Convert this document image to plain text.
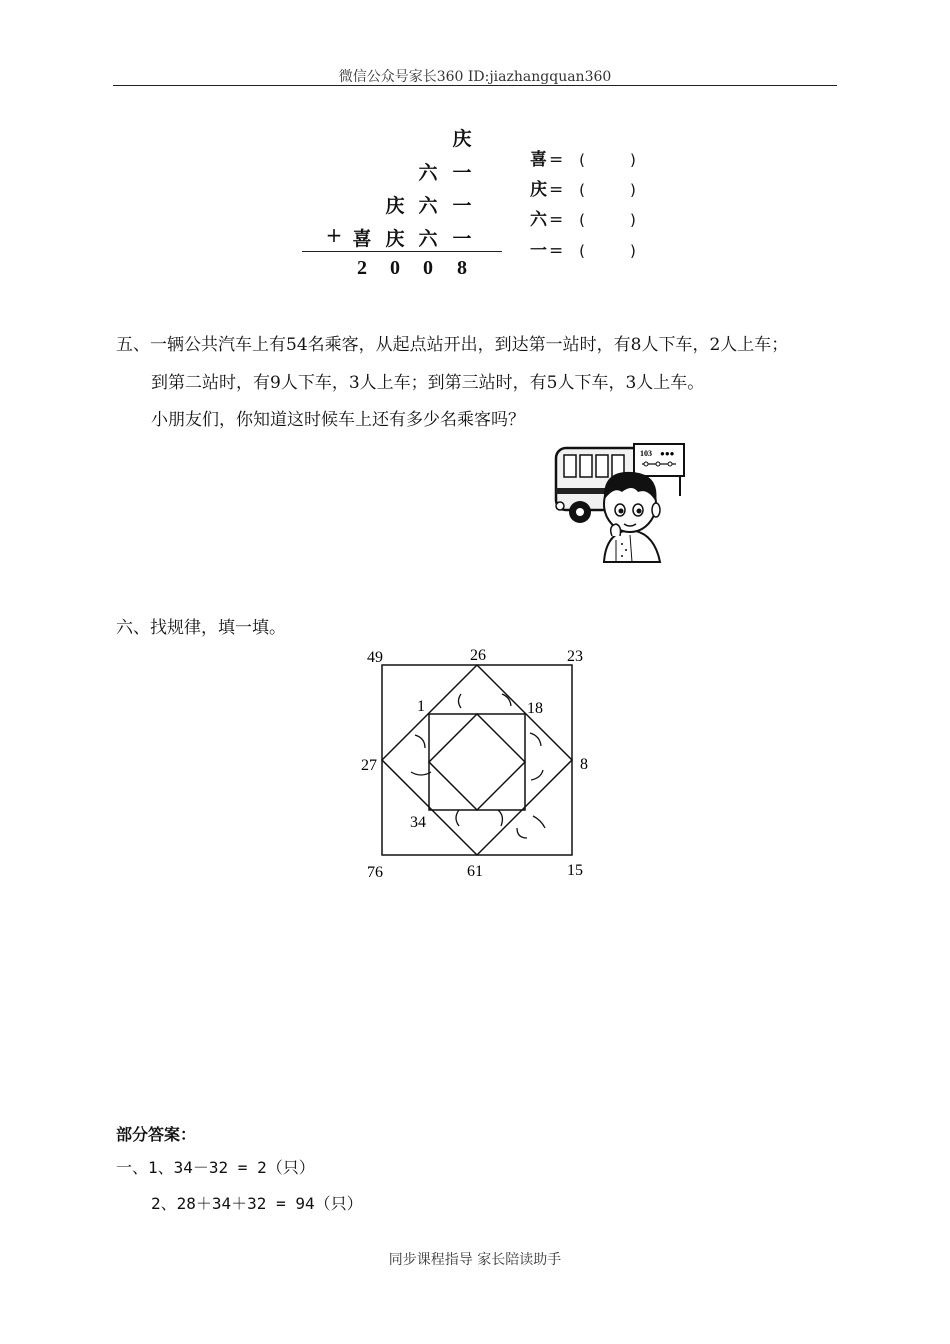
微信公众号家长360 ID:jiazhangquan360
庆
六 一
庆 六 一
+ 喜 庆 六 一
2	0	0	8
喜 = (　　　)
庆 = (　　　)
六 = (　　　)
一 = (　　　)
五、一辆公共汽车上有54名乘客，从起点站开出，到达第一站时，有8人下车，2人上车；
到第二站时，有9人下车，3人上车；到第三站时，有5人下车，3人上车。
小朋友们，你知道这时候车上还有多少名乘客吗？
103 ●●●
六、找规律，填一填。
49	26	23
27	8
76	61	15
1	18
34
部分答案：
一、1、34－32 = 2（只）
2、28＋34＋32 = 94（只）
同步课程指导 家长陪读助手
